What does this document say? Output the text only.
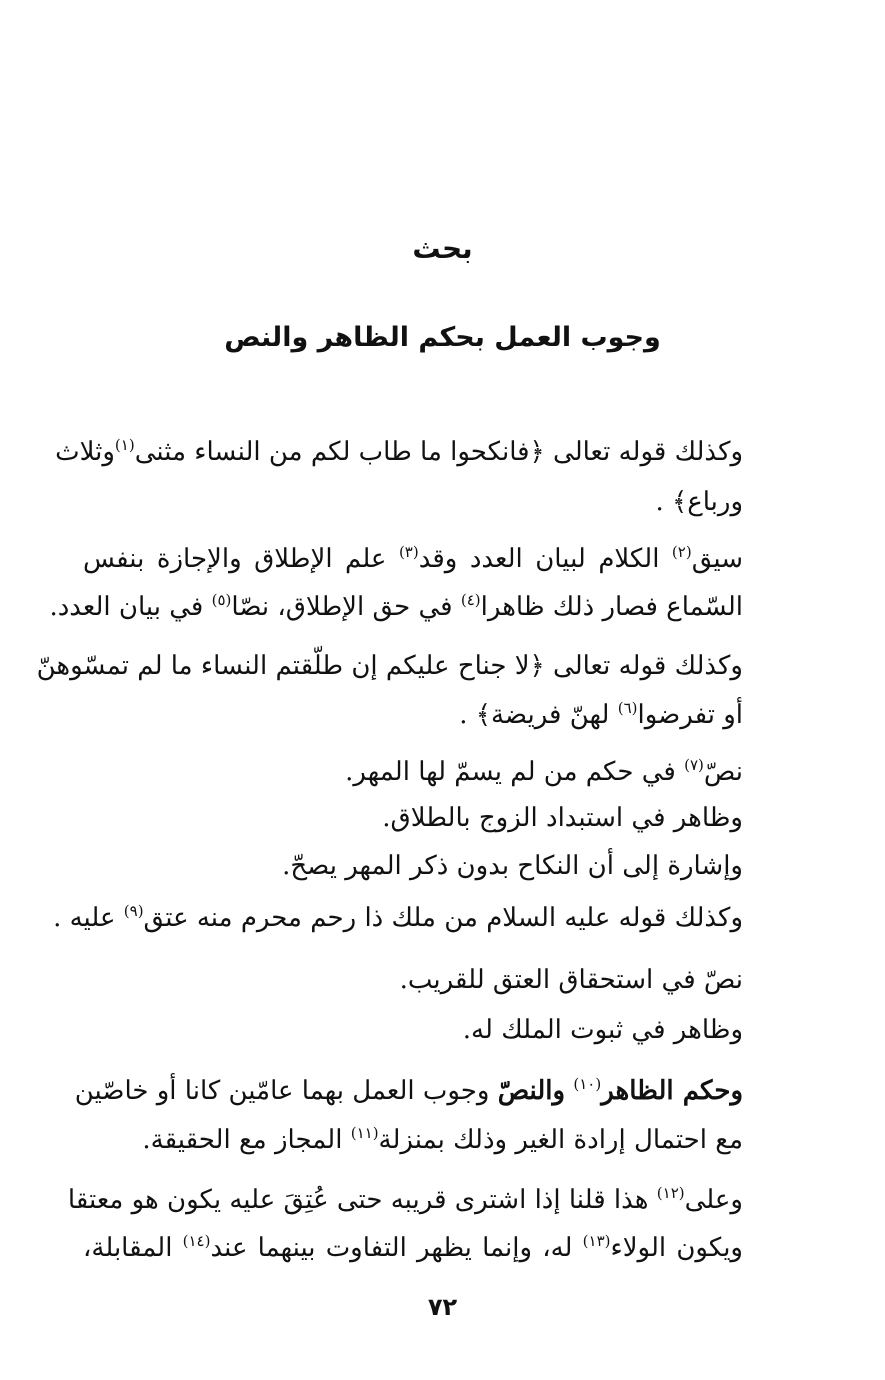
بحث
وجوب العمل بحكم الظاهر والنص
وكذلك قوله تعالى ﴿فانكحوا ما طاب لكم من النساء مثنى$^{(١)}$وثلاث
ورباع﴾ .
سيق$^{(٢)}$ الكلام لبيان العدد وقد$^{(٣)}$ علم الإطلاق والإجازة بنفس
السّماع فصار ذلك ظاهرا$^{(٤)}$ في حق الإطلاق، نصّا$^{(٥)}$ في بيان العدد.
وكذلك قوله تعالى ﴿لا جناح عليكم إن طلّقتم النساء ما لم تمسّوهنّ
أو تفرضوا$^{(٦)}$ لهنّ فريضة﴾ .
نصّ$^{(٧)}$ في حكم من لم يسمّ لها المهر.
وظاهر في استبداد الزوج بالطلاق.
وإشارة إلى أن النكاح بدون ذكر المهر يصحّ.
وكذلك قوله عليه السلام من ملك ذا رحم محرم منه عتق$^{(٩)}$ عليه .
نصّ في استحقاق العتق للقريب.
وظاهر في ثبوت الملك له.
وحكم الظاهر$^{(١٠)}$ والنصّ وجوب العمل بهما عامّين كانا أو خاصّين
مع احتمال إرادة الغير وذلك بمنزلة$^{(١١)}$ المجاز مع الحقيقة.
وعلى$^{(١٢)}$ هذا قلنا إذا اشترى قريبه حتى عُتِقَ عليه يكون هو معتقا
ويكون الولاء$^{(١٣)}$ له، وإنما يظهر التفاوت بينهما عند$^{(١٤)}$ المقابلة،
٧٢
